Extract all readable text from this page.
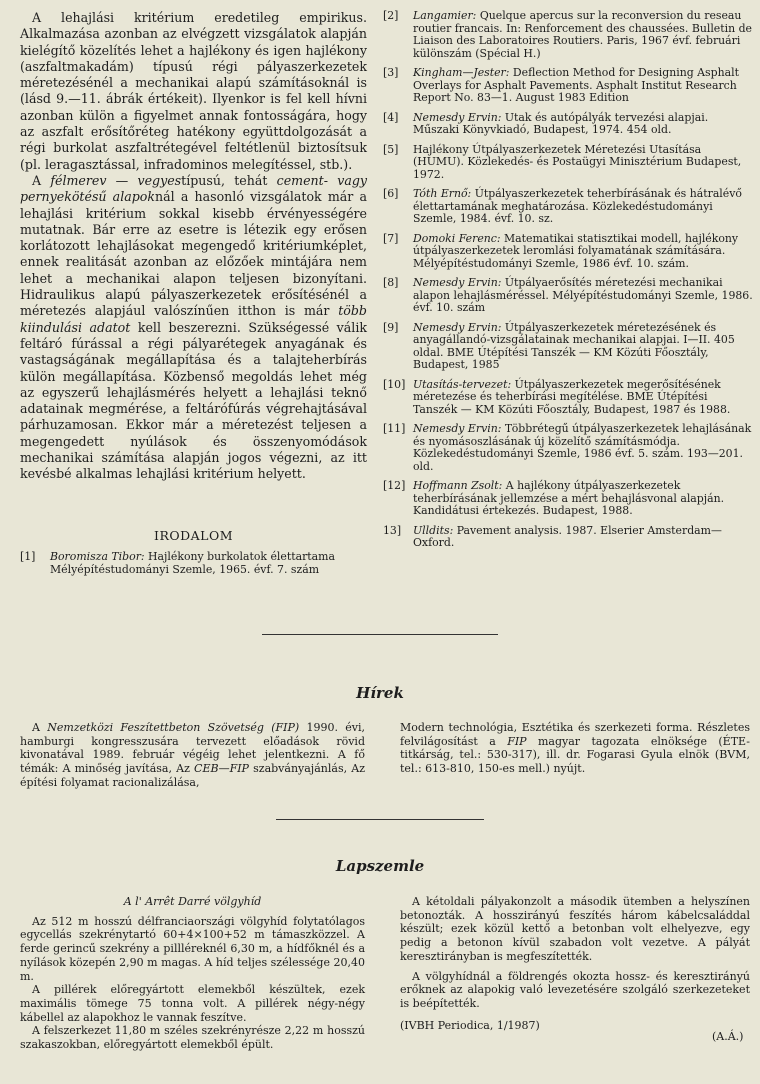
A lehajlási kritérium eredetileg empirikus. Alkalmazása azonban az elvégzett vizsgálatok alapján kielégítő közelítés lehet a hajlékony és igen hajlékony (aszfaltmakadám) típusú régi pályaszerkezetek méretezésénél a mechanikai alapú számításoknál is (lásd 9.—11. ábrák értékeit). Ilyenkor is fel kell hívni azonban külön a figyelmet annak fontosságára, hogy az aszfalt erősítőréteg hatékony együttdolgozását a régi burkolat aszfaltrétegével feltétlenül biztosítsuk (pl. leragasztással, infradominos melegítéssel, stb.).

A félmerev — vegyestípusú, tehát cement- vagy pernyekötésű alapoknál a hasonló vizsgálatok már a lehajlási kritérium sokkal kisebb érvényességére mutatnak. Bár erre az esetre is létezik egy erősen korlátozott lehajlásokat megengedő kritériumképlet, ennek realitását azonban az előzőek mintájára nem lehet a mechanikai alapon teljesen bizonyítani. Hidraulikus alapú pályaszerkezetek erősítésénél a méretezés alapjául valószínűen itthon is már több kiindulási adatot kell beszerezni. Szükségessé válik feltáró fúrással a régi pályarétegek anyagának és vastagságának megállapítása és a talajteherbírás külön megállapítása. Közbenső megoldás lehet még az egyszerű lehajlásmérés helyett a lehajlási teknő adatainak megmérése, a feltárófúrás végrehajtásával párhuzamosan. Ekkor már a méretezést teljesen a megengedett nyúlások és összenyomódások mechanikai számítása alapján jogos végezni, az itt kevésbé alkalmas lehajlási kritérium helyett.

IRODALOM
[1] Boromisza Tibor: Hajlékony burkolatok élettartama Mélyépítéstudományi Szemle, 1965. évf. 7. szám
[2] Langamier: Quelque apercus sur la reconversion du reseau routier francais. In: Renforcement des chaussées. Bulletin de Liaison des Laboratoires Routiers. Paris, 1967 évf. februári különszám (Spécial H.)
[3] Kingham—Jester: Deflection Method for Designing Asphalt Overlays for Asphalt Pavements. Asphalt Institut Research Report No. 83—1. August 1983 Edition
[4] Nemesdy Ervin: Utak és autópályák tervezési alapjai. Műszaki Könyvkiadó, Budapest, 1974. 454 old.
[5] Hajlékony Útpályaszerkezetek Méretezési Utasítása (HUMU). Közlekedés- és Postaügyi Minisztérium Budapest, 1972.
[6] Tóth Ernő: Útpályaszerkezetek teherbírásának és hátralévő élettartamának meghatározása. Közlekedéstudományi Szemle, 1984. évf. 10. sz.
[7] Domoki Ferenc: Matematikai statisztikai modell, hajlékony útpályaszerkezetek leromlási folyamatának számítására. Mélyépítéstudományi Szemle, 1986 évf. 10. szám.
[8] Nemesdy Ervin: Útpályaerősítés méretezési mechanikai alapon lehajlásméréssel. Mélyépítéstudományi Szemle, 1986. évf. 10. szám
[9] Nemesdy Ervin: Útpályaszerkezetek méretezésének és anyagállandó-vizsgálatainak mechanikai alapjai. I—II. 405 oldal. BME Útépítési Tanszék — KM Közúti Főosztály, Budapest, 1985
[10] Utasítás-tervezet: Útpályaszerkezetek megerősítésének méretezése és teherbírási megítélése. BME Útépítési Tanszék — KM Közúti Főosztály, Budapest, 1987 és 1988.
[11] Nemesdy Ervin: Többrétegű útpályaszerkezetek lehajlásának és nyomásoszlásának új közelítő számításmódja. Közlekedéstudományi Szemle, 1986 évf. 5. szám. 193—201. old.
[12] Hoffmann Zsolt: A hajlékony útpályaszerkezetek teherbírásának jellemzése a mért behajlásvonal alapján. Kandidátusi értekezés. Budapest, 1988.
13] Ulldits: Pavement analysis. 1987. Elserier Amsterdam—Oxford.
Hírek

A Nemzetközi Feszítettbeton Szövetség (FIP) 1990. évi, hamburgi kongresszusára tervezett előadások rövid kivonatával 1989. február végéig lehet jelentkezni. A fő témák: A minőség javítása, Az CEB—FIP szabványajánlás, Az építési folyamat racionalizálása,

Modern technológia, Esztétika és szerkezeti forma. Részletes felvilágosítást a FIP magyar tagozata elnöksége (ÉTE-titkárság, tel.: 530-317), ill. dr. Fogarasi Gyula elnök (BVM, tel.: 613-810, 150-es mell.) nyújt.

Lapszemle
A l' Arrêt Darré völgyhíd

Az 512 m hosszú délfranciaországi völgyhíd folytatólagos egycellás szekrénytartó 60+4×100+52 m támaszközzel. A ferde gerincű szekrény a pillléreknél 6,30 m, a hídfőknél és a nyílások közepén 2,90 m magas. A híd teljes szélessége 20,40 m.

A pillérek előregyártott elemekből készültek, ezek maximális tömege 75 tonna volt. A pillérek négy-négy kábellel az alapokhoz le vannak feszítve.

A felszerkezet 11,80 m széles szekrényrésze 2,22 m hosszú szakaszokban, előregyártott elemekből épült.

A kétoldali pályakonzolt a második ütemben a helyszínen betonozták. A hosszirányú feszítés három kábelcsaláddal készült; ezek közül kettő a betonban volt elhelyezve, egy pedig a betonon kívül szabadon volt vezetve. A pályát keresztirányban is megfeszítették.

A völgyhídnál a földrengés okozta hossz- és keresztirányú erőknek az alapokig való levezetésére szolgáló szerkezeteket is beépítették.

(IVBH Periodica, 1/1987)

(A.Á.)
